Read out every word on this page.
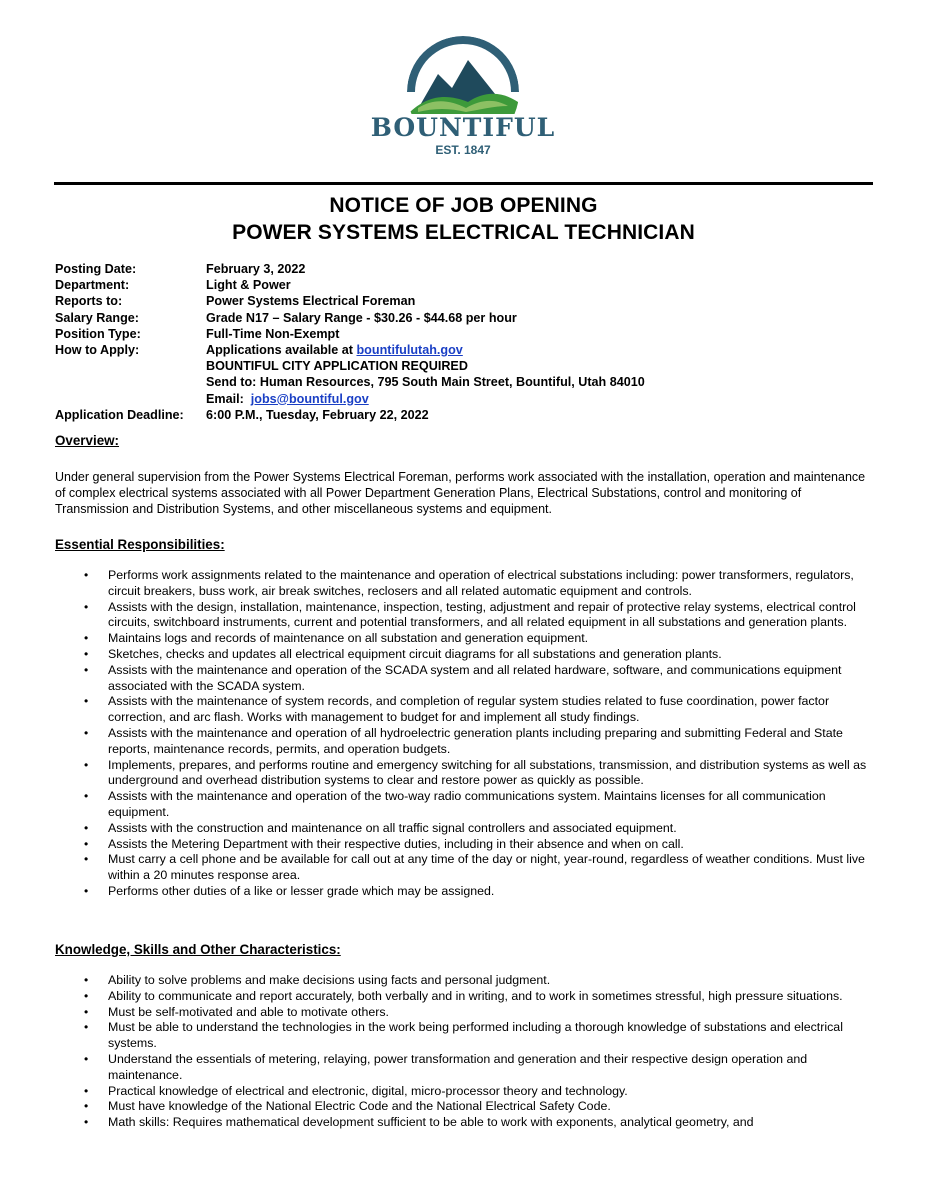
BOUNTIFUL
EST. 1847
NOTICE OF JOB OPENING
POWER SYSTEMS ELECTRICAL TECHNICIAN
Posting Date:	February 3, 2022
Department:	Light & Power
Reports to:	Power Systems Electrical Foreman
Salary Range:	Grade N17 – Salary Range - $30.26 - $44.68 per hour
Position Type:	Full-Time Non-Exempt
How to Apply:	Applications available at bountifulutah.gov
BOUNTIFUL CITY APPLICATION REQUIRED
Send to: Human Resources, 795 South Main Street, Bountiful, Utah 84010
Email:  jobs@bountiful.gov
Application Deadline:	6:00 P.M., Tuesday, February 22, 2022
Overview:
Under general supervision from the Power Systems Electrical Foreman, performs work associated with the installation, operation and maintenance of complex electrical systems associated with all Power Department Generation Plans, Electrical Substations, control and monitoring of Transmission and Distribution Systems, and other miscellaneous systems and equipment.
Essential Responsibilities:
• Performs work assignments related to the maintenance and operation of electrical substations including: power transformers, regulators, circuit breakers, buss work, air break switches, reclosers and all related automatic equipment and controls.
• Assists with the design, installation, maintenance, inspection, testing, adjustment and repair of protective relay systems, electrical control circuits, switchboard instruments, current and potential transformers, and all related equipment in all substations and generation plants.
• Maintains logs and records of maintenance on all substation and generation equipment.
• Sketches, checks and updates all electrical equipment circuit diagrams for all substations and generation plants.
• Assists with the maintenance and operation of the SCADA system and all related hardware, software, and communications equipment associated with the SCADA system.
• Assists with the maintenance of system records, and completion of regular system studies related to fuse coordination, power factor correction, and arc flash. Works with management to budget for and implement all study findings.
• Assists with the maintenance and operation of all hydroelectric generation plants including preparing and submitting Federal and State reports, maintenance records, permits, and operation budgets.
• Implements, prepares, and performs routine and emergency switching for all substations, transmission, and distribution systems as well as underground and overhead distribution systems to clear and restore power as quickly as possible.
• Assists with the maintenance and operation of the two-way radio communications system. Maintains licenses for all communication equipment.
• Assists with the construction and maintenance on all traffic signal controllers and associated equipment.
• Assists the Metering Department with their respective duties, including in their absence and when on call.
• Must carry a cell phone and be available for call out at any time of the day or night, year-round, regardless of weather conditions. Must live within a 20 minutes response area.
• Performs other duties of a like or lesser grade which may be assigned.
Knowledge, Skills and Other Characteristics:
• Ability to solve problems and make decisions using facts and personal judgment.
• Ability to communicate and report accurately, both verbally and in writing, and to work in sometimes stressful, high pressure situations.
• Must be self-motivated and able to motivate others.
• Must be able to understand the technologies in the work being performed including a thorough knowledge of substations and electrical systems.
• Understand the essentials of metering, relaying, power transformation and generation and their respective design operation and maintenance.
• Practical knowledge of electrical and electronic, digital, micro-processor theory and technology.
• Must have knowledge of the National Electric Code and the National Electrical Safety Code.
• Math skills: Requires mathematical development sufficient to be able to work with exponents, analytical geometry, and
